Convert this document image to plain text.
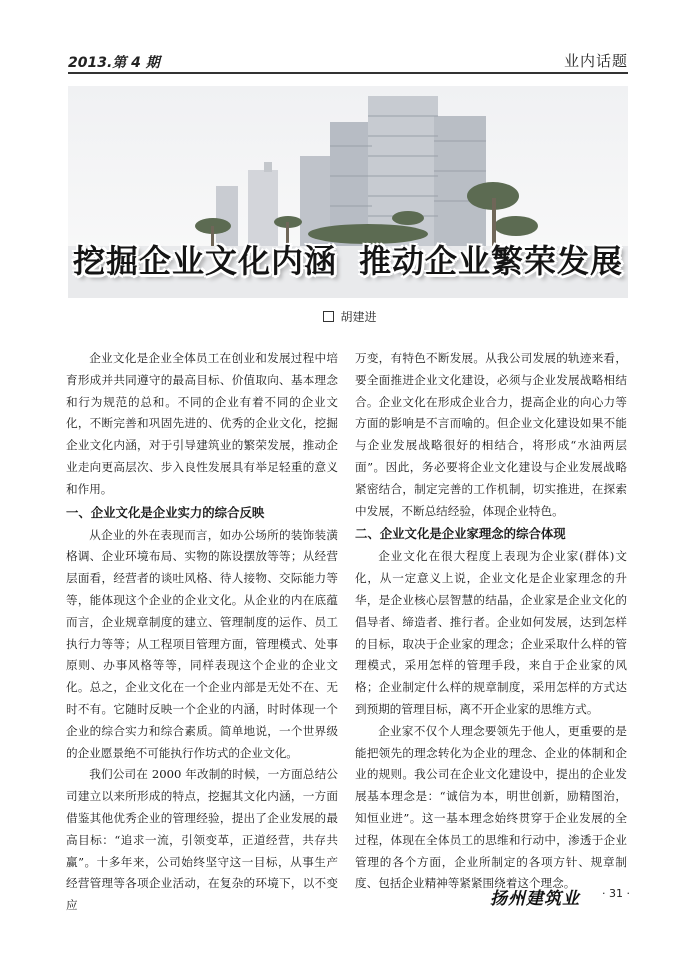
2013.第 4 期	业内话题
挖掘企业文化内涵 推动企业繁荣发展
胡建进

企业文化是企业全体员工在创业和发展过程中培育形成并共同遵守的最高目标、价值取向、基本理念和行为规范的总和。不同的企业有着不同的企业文化，不断完善和巩固先进的、优秀的企业文化，挖掘企业文化内涵，对于引导建筑业的繁荣发展，推动企业走向更高层次、步入良性发展具有举足轻重的意义和作用。

一、企业文化是企业实力的综合反映

从企业的外在表现而言，如办公场所的装饰装潢格调、企业环境布局、实物的陈设摆放等等；从经营层面看，经营者的谈吐风格、待人接物、交际能力等等，能体现这个企业的企业文化。从企业的内在底蕴而言，企业规章制度的建立、管理制度的运作、员工执行力等等；从工程项目管理方面，管理模式、处事原则、办事风格等等，同样表现这个企业的企业文化。总之，企业文化在一个企业内部是无处不在、无时不有。它随时反映一个企业的内涵，时时体现一个企业的综合实力和综合素质。简单地说，一个世界级的企业愿景绝不可能执行作坊式的企业文化。

我们公司在 2000 年改制的时候，一方面总结公司建立以来所形成的特点，挖掘其文化内涵，一方面借鉴其他优秀企业的管理经验，提出了企业发展的最高目标：“追求一流，引领变革，正道经营，共存共赢”。十多年来，公司始终坚守这一目标，从事生产经营管理等各项企业活动，在复杂的环境下，以不变应

万变，有特色不断发展。从我公司发展的轨迹来看，要全面推进企业文化建设，必须与企业发展战略相结合。企业文化在形成企业合力，提高企业的向心力等方面的影响是不言而喻的。但企业文化建设如果不能与企业发展战略很好的相结合，将形成“水油两层面”。因此，务必要将企业文化建设与企业发展战略紧密结合，制定完善的工作机制，切实推进，在探索中发展，不断总结经验，体现企业特色。

二、企业文化是企业家理念的综合体现

企业文化在很大程度上表现为企业家(群体)文化，从一定意义上说，企业文化是企业家理念的升华，是企业核心层智慧的结晶，企业家是企业文化的倡导者、缔造者、推行者。企业如何发展，达到怎样的目标，取决于企业家的理念；企业采取什么样的管理模式，采用怎样的管理手段，来自于企业家的风格；企业制定什么样的规章制度，采用怎样的方式达到预期的管理目标，离不开企业家的思维方式。

企业家不仅个人理念要领先于他人，更重要的是能把领先的理念转化为企业的理念、企业的体制和企业的规则。我公司在企业文化建设中，提出的企业发展基本理念是：“诚信为本，明世创新，励精图治，知恒业进”。这一基本理念始终贯穿于企业发展的全过程，体现在全体员工的思维和行动中，渗透于企业管理的各个方面，企业所制定的各项方针、规章制度、包括企业精神等紧紧围绕着这个理念。

扬州建筑业 · 31 ·
